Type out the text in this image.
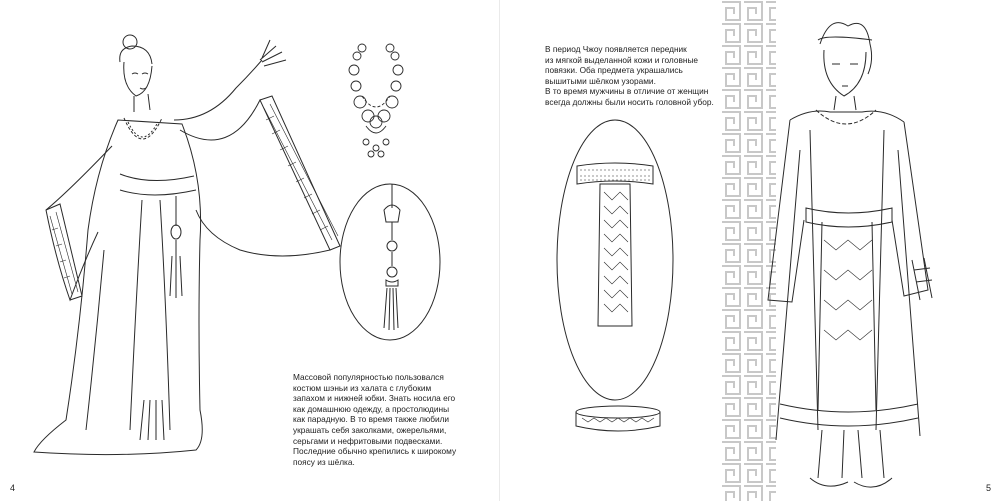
Массовой популярностью пользовался

костюм шэньи из халата с глубоким

запахом и нижней юбки. Знать носила его

как домашнюю одежду, а простолюдины

как парадную. В то время также любили

украшать себя заколками, ожерельями,

серьгами и нефритовыми подвесками.

Последние обычно крепились к широкому

поясу из шёлка.

4

В период Чжоу появляется передник

из мягкой выделанной кожи и головные

повязки. Оба предмета украшались

вышитыми шёлком узорами.

В то время мужчины в отличие от женщин

всегда должны были носить головной убор.

5
